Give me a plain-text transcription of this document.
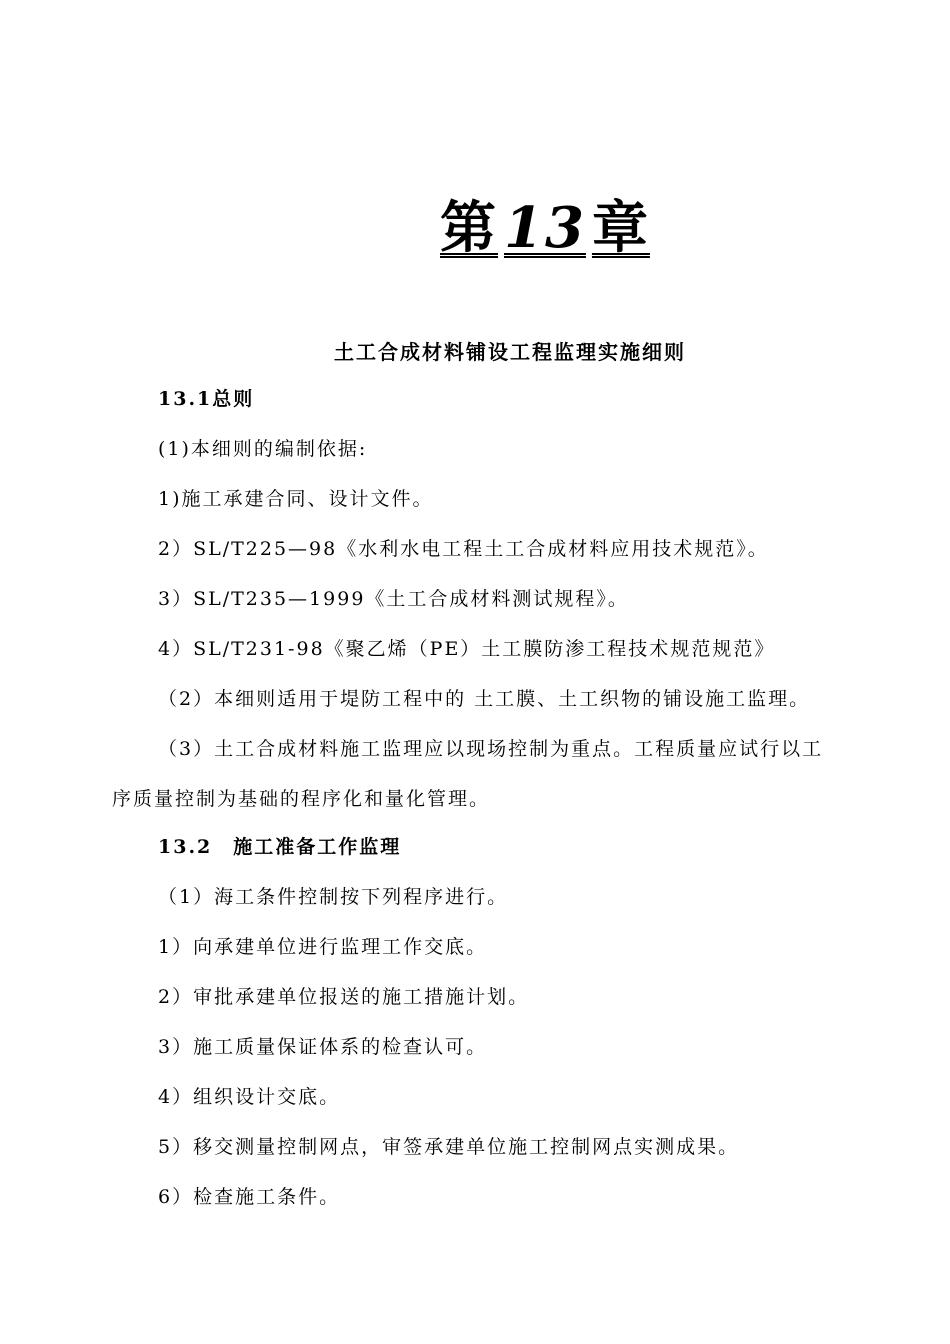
第 13 章
土工合成材料铺设工程监理实施细则
13.1总则
(1)本细则的编制依据:
1)施工承建合同、设计文件。
2）SL/T225—98《水利水电工程土工合成材料应用技术规范》。
3）SL/T235—1999《土工合成材料测试规程》。
4）SL/T231-98《聚乙烯（PE）土工膜防渗工程技术规范规范》
（2）本细则适用于堤防工程中的 土工膜、土工织物的铺设施工监理。
（3）土工合成材料施工监理应以现场控制为重点。工程质量应试行以工
序质量控制为基础的程序化和量化管理。
13.2　施工准备工作监理
（1）海工条件控制按下列程序进行。
1）向承建单位进行监理工作交底。
2）审批承建单位报送的施工措施计划。
3）施工质量保证体系的检查认可。
4）组织设计交底。
5）移交测量控制网点，审签承建单位施工控制网点实测成果。
6）检查施工条件。
